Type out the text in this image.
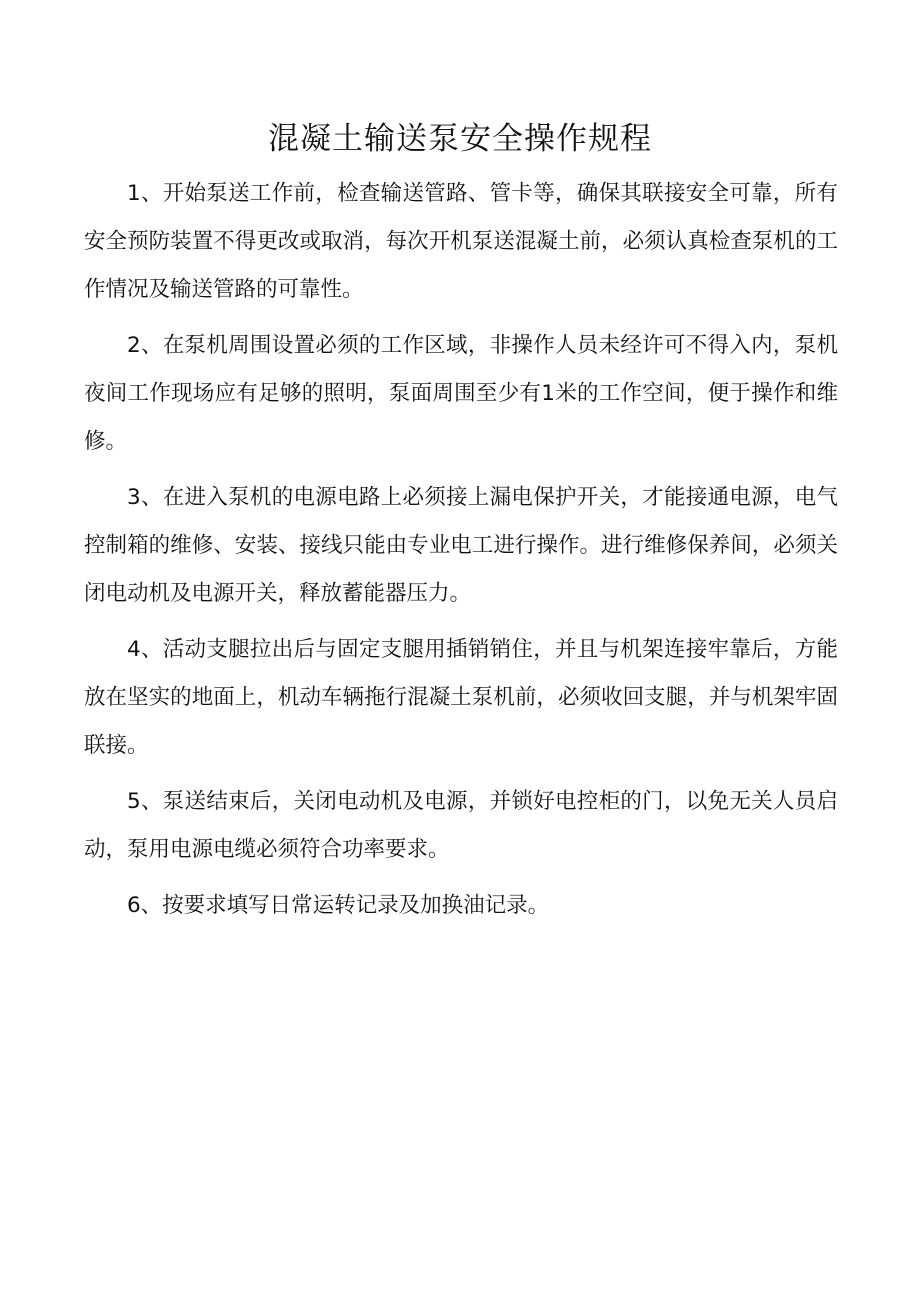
混凝土输送泵安全操作规程

1、开始泵送工作前，检查输送管路、管卡等，确保其联接安全可靠，所有安全预防装置不得更改或取消，每次开机泵送混凝土前，必须认真检查泵机的工作情况及输送管路的可靠性。

2、在泵机周围设置必须的工作区域，非操作人员未经许可不得入内，泵机夜间工作现场应有足够的照明，泵面周围至少有1米的工作空间，便于操作和维修。

3、在进入泵机的电源电路上必须接上漏电保护开关，才能接通电源，电气控制箱的维修、安装、接线只能由专业电工进行操作。进行维修保养间，必须关闭电动机及电源开关，释放蓄能器压力。

4、活动支腿拉出后与固定支腿用插销销住，并且与机架连接牢靠后，方能放在坚实的地面上，机动车辆拖行混凝土泵机前，必须收回支腿，并与机架牢固联接。

5、泵送结束后，关闭电动机及电源，并锁好电控柜的门，以免无关人员启动，泵用电源电缆必须符合功率要求。

6、按要求填写日常运转记录及加换油记录。
